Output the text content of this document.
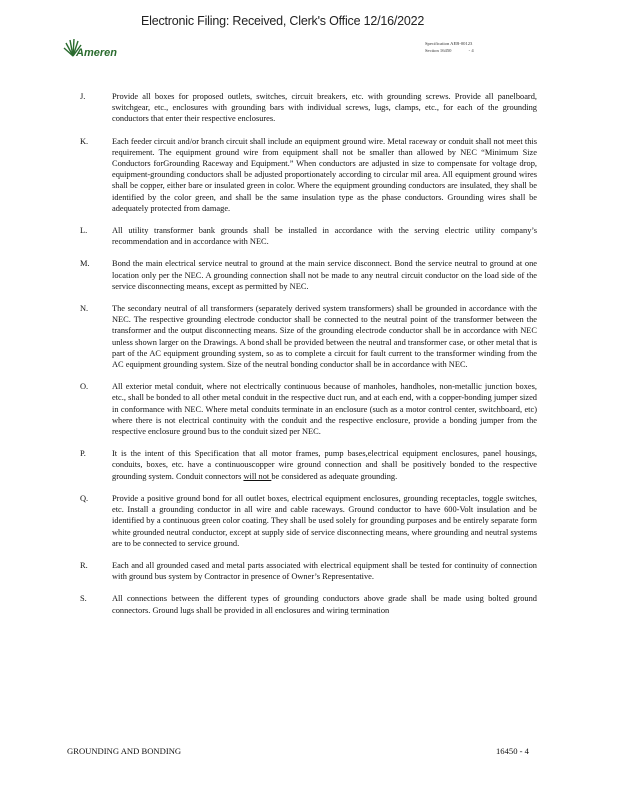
Electronic Filing: Received, Clerk's Office 12/16/2022
Ameren
Specification AEB-00123
Section 16450	- 4
J.	Provide all boxes for proposed outlets, switches, circuit breakers, etc. with grounding screws. Provide all panelboard, switchgear, etc., enclosures with grounding bars with individual screws, lugs, clamps, etc., for each of the grounding conductors that enter their respective enclosures.
K.	Each feeder circuit and/or branch circuit shall include an equipment ground wire. Metal raceway or conduit shall not meet this requirement. The equipment ground wire from equipment shall not be smaller than allowed by NEC “Minimum Size Conductors forGrounding Raceway and Equipment.” When conductors are adjusted in size to compensate for voltage drop, equipment-grounding conductors shall be adjusted proportionately according to circular mil area. All equipment ground wires shall be copper, either bare or insulated green in color. Where the equipment grounding conductors are insulated, they shall be identified by the color green, and shall be the same insulation type as the phase conductors. Grounding wires shall be adequately protected from damage.
L.	All utility transformer bank grounds shall be installed in accordance with the serving electric utility company’s recommendation and in accordance with NEC.
M.	Bond the main electrical service neutral to ground at the main service disconnect. Bond the service neutral to ground at one location only per the NEC. A grounding connection shall not be made to any neutral circuit conductor on the load side of the service disconnecting means, except as permitted by NEC.
N.	The secondary neutral of all transformers (separately derived system transformers) shall be grounded in accordance with the NEC. The respective grounding electrode conductor shall be connected to the neutral point of the transformer between the transformer and the output disconnecting means. Size of the grounding electrode conductor shall be in accordance with NEC unless shown larger on the Drawings. A bond shall be provided between the neutral and transformer case, or other metal that is part of the AC equipment grounding system, so as to complete a circuit for fault current to the transformer winding from the AC equipment grounding system. Size of the neutral bonding conductor shall be in accordance with NEC.
O.	All exterior metal conduit, where not electrically continuous because of manholes, handholes, non-metallic junction boxes, etc., shall be bonded to all other metal conduit in the respective duct run, and at each end, with a copper-bonding jumper sized in conformance with NEC. Where metal conduits terminate in an enclosure (such as a motor control center, switchboard, etc) where there is not electrical continuity with the conduit and the respective enclosure, provide a bonding jumper from the respective enclosure ground bus to the conduit sized per NEC.
P.	It is the intent of this Specification that all motor frames, pump bases,electrical equipment enclosures, panel housings, conduits, boxes, etc. have a continuouscopper wire ground connection and shall be positively bonded to the respective grounding system. Conduit connectors will not be considered as adequate grounding.
Q.	Provide a positive ground bond for all outlet boxes, electrical equipment enclosures, grounding receptacles, toggle switches, etc. Install a grounding conductor in all wire and cable raceways. Ground conductor to have 600-Volt insulation and be identified by a continuous green color coating. They shall be used solely for grounding purposes and be entirely separate form white grounded neutral conductor, except at supply side of service disconnecting means, where grounding and neutral systems are to be connected to service ground.
R.	Each and all grounded cased and metal parts associated with electrical equipment shall be tested for continuity of connection with ground bus system by Contractor in presence of Owner’s Representative.
S.	All connections between the different types of grounding conductors above grade shall be made using bolted ground connectors. Ground lugs shall be provided in all enclosures and wiring termination
GROUNDING AND BONDING	16450 - 4
